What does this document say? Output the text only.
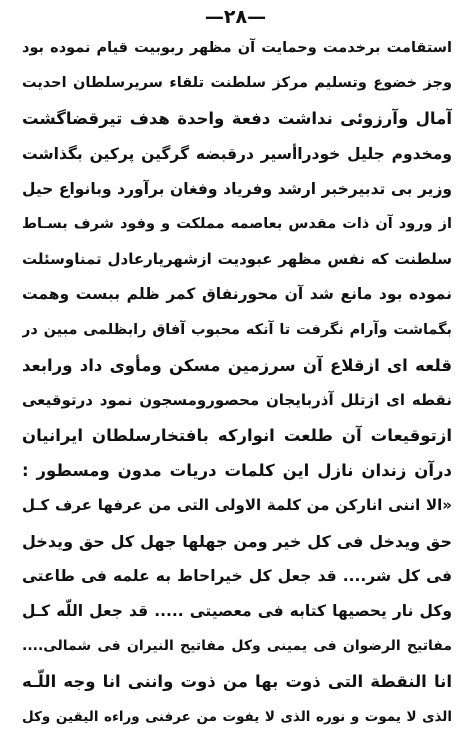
—۲۸—
استقامت برخدمت وحمایت آن مظهر ربوبیت قیام نموده بود
وجز خضوع وتسلیم مرکز سلطنت تلقاء سریرسلطان احدیت
آمال وآرزوئی نداشت دفعة واحدة هدف تیرقضاگشت
ومخدوم جلیل خودراأسیر درقبضه گرگین پرکین بگذاشت
وزیر بی تدبیرخبر ارشد وفریاد وفغان برآورد وبانواع حیل
از ورود آن ذات مقدس بعاصمه مملکت و وفود شرف بسـاط
سلطنت که نفس مظهر عبودیت ازشهریارعادل تمناوسئلت
نموده بود مانع شد آن محورنفاق کمر ظلم ببست وهمت
بگماشت وآرام نگرفت تا آنکه محبوب آفاق رابظلمی مبین در
قلعه ای ازقلاع آن سرزمین مسکن ومأوی داد ورابعد
نقطه ای ازتلل آذربایجان محصورومسجون نمود درتوقیعی
ازتوقیعات آن طلعت انوارکه بافتخارسلطان ایرانیان
درآن زندان نازل این کلمات دریات مدون ومسطور :
«الا اننی انارکن من کلمة الاولی التی من عرفها عرف کـل
حق ویدخل فی کل خیر ومن جهلها جهل کل حق ویدخل
فی کل شر.... قد جعل کل خیراحاط به علمه فی طاعتی
وکل نار یحصیها کتابه فی معصیتی ..... قد جعل اللّه کـل
مفاتیح الرضوان فی یمینی وکل مفاتیح النیران فی شمالی....
انا النقطة التی ذوت بها من ذوت واننی انا وجه اللّـه
الذی لا یموت و نوره الذی لا یفوت من عرفنی وراءه الیقین وکل
